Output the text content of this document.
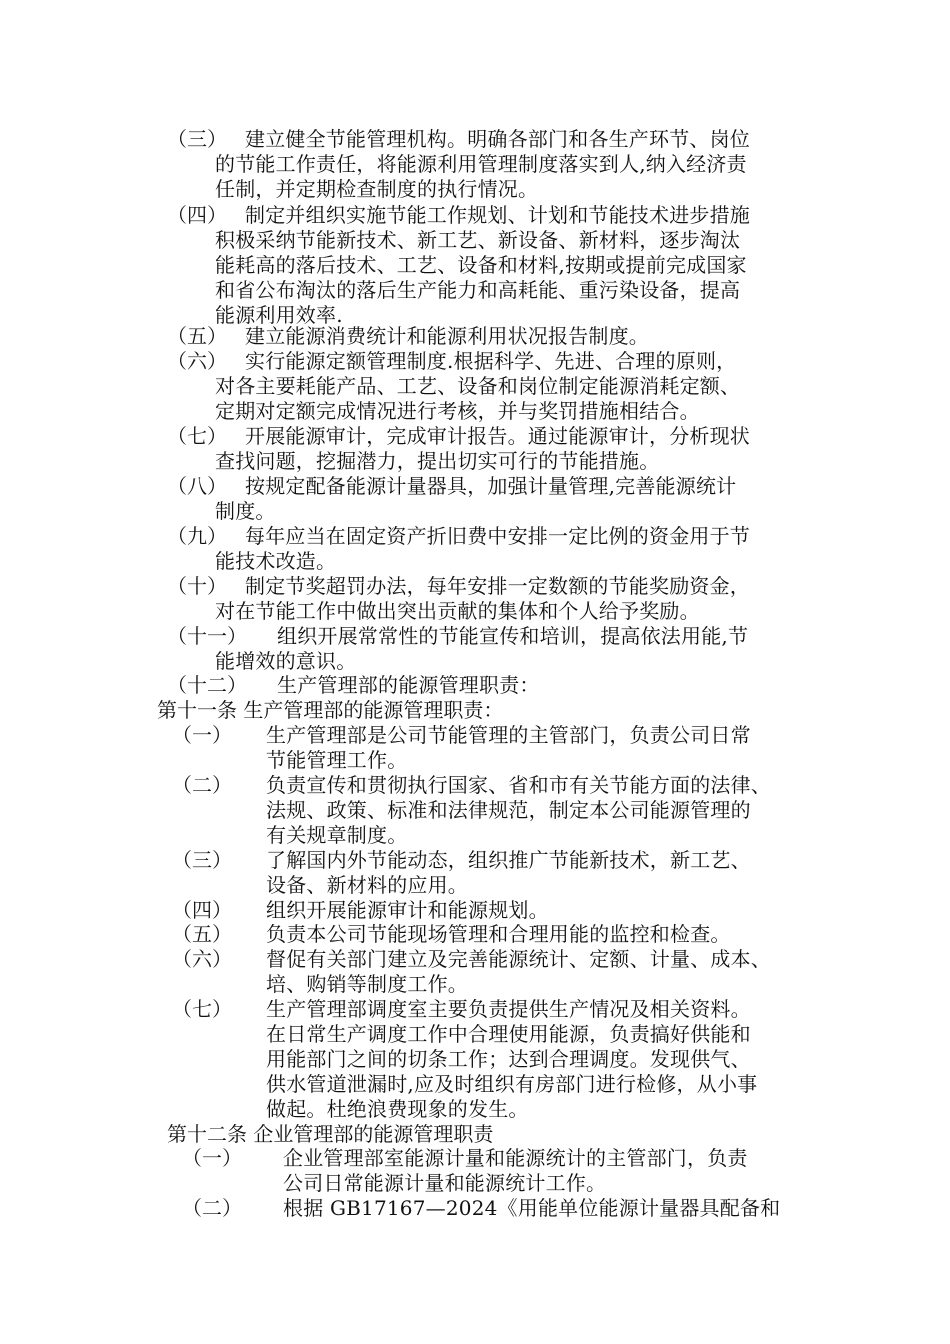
（三） 建立健全节能管理机构。明确各部门和各生产环节、岗位
的节能工作责任，将能源利用管理制度落实到人,纳入经济责
任制，并定期检查制度的执行情况。
（四） 制定并组织实施节能工作规划、计划和节能技术进步措施
积极采纳节能新技术、新工艺、新设备、新材料，逐步淘汰
能耗高的落后技术、工艺、设备和材料,按期或提前完成国家
和省公布淘汰的落后生产能力和高耗能、重污染设备，提高
能源利用效率.
（五） 建立能源消费统计和能源利用状况报告制度。
（六） 实行能源定额管理制度.根据科学、先进、合理的原则，
对各主要耗能产品、工艺、设备和岗位制定能源消耗定额、
定期对定额完成情况进行考核，并与奖罚措施相结合。
（七） 开展能源审计，完成审计报告。通过能源审计，分析现状
查找问题，挖掘潜力，提出切实可行的节能措施。
（八） 按规定配备能源计量器具，加强计量管理,完善能源统计
制度。
（九） 每年应当在固定资产折旧费中安排一定比例的资金用于节
能技术改造。
（十） 制定节奖超罚办法，每年安排一定数额的节能奖励资金，
对在节能工作中做出突出贡献的集体和个人给予奖励。
（十一） 组织开展常常性的节能宣传和培训，提高依法用能,节
能增效的意识。
（十二） 生产管理部的能源管理职责：
第十一条 生产管理部的能源管理职责：
（一） 生产管理部是公司节能管理的主管部门，负责公司日常
节能管理工作。
（二） 负责宣传和贯彻执行国家、省和市有关节能方面的法律、
法规、政策、标准和法律规范，制定本公司能源管理的
有关规章制度。
（三） 了解国内外节能动态，组织推广节能新技术，新工艺、
设备、新材料的应用。
（四） 组织开展能源审计和能源规划。
（五） 负责本公司节能现场管理和合理用能的监控和检查。
（六） 督促有关部门建立及完善能源统计、定额、计量、成本、
培、购销等制度工作。
（七） 生产管理部调度室主要负责提供生产情况及相关资料。
在日常生产调度工作中合理使用能源，负责搞好供能和
用能部门之间的切条工作；达到合理调度。发现供气、
供水管道泄漏时,应及时组织有房部门进行检修，从小事
做起。杜绝浪费现象的发生。
第十二条 企业管理部的能源管理职责
（一） 企业管理部室能源计量和能源统计的主管部门，负责
公司日常能源计量和能源统计工作。
（二） 根据 GB17167—2024《用能单位能源计量器具配备和
